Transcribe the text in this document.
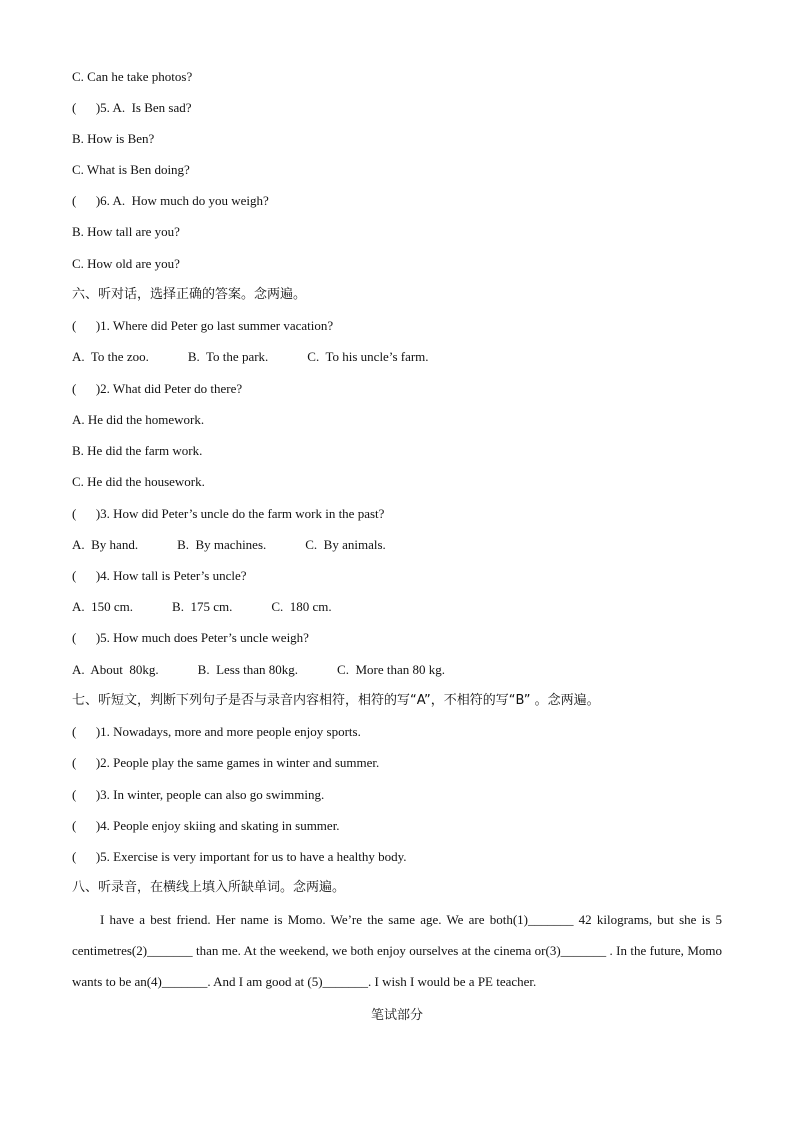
C. Can he take photos?
(      )5. A.  Is Ben sad?
B. How is Ben?
C. What is Ben doing?
(      )6. A.  How much do you weigh?
B. How tall are you?
C. How old are you?
六、听对话，选择正确的答案。念两遍。
(      )1. Where did Peter go last summer vacation?
A.  To the zoo.            B.  To the park.            C.  To his uncle’s farm.
(      )2. What did Peter do there?
A. He did the homework.
B. He did the farm work.
C. He did the housework.
(      )3. How did Peter’s uncle do the farm work in the past?
A.  By hand.            B.  By machines.            C.  By animals.
(      )4. How tall is Peter’s uncle?
A.  150 cm.            B.  175 cm.            C.  180 cm.
(      )5. How much does Peter’s uncle weigh?
A.  About  80kg.            B.  Less than 80kg.            C.  More than 80 kg.
七、听短文，判断下列句子是否与录音内容相符，相符的写“A”，不相符的写“B” 。念两遍。
(      )1. Nowadays, more and more people enjoy sports.
(      )2. People play the same games in winter and summer.
(      )3. In winter, people can also go swimming.
(      )4. People enjoy skiing and skating in summer.
(      )5. Exercise is very important for us to have a healthy body.
八、听录音，在横线上填入所缺单词。念两遍。
I have a best friend. Her name is Momo. We’re the same age. We are both(1)_______ 42 kilograms, but she is 5 centimetres(2)_______ than me. At the weekend, we both enjoy ourselves at the cinema or(3)_______ . In the future, Momo wants to be an(4)_______. And I am good at (5)_______. I wish I would be a PE teacher.
笔试部分
